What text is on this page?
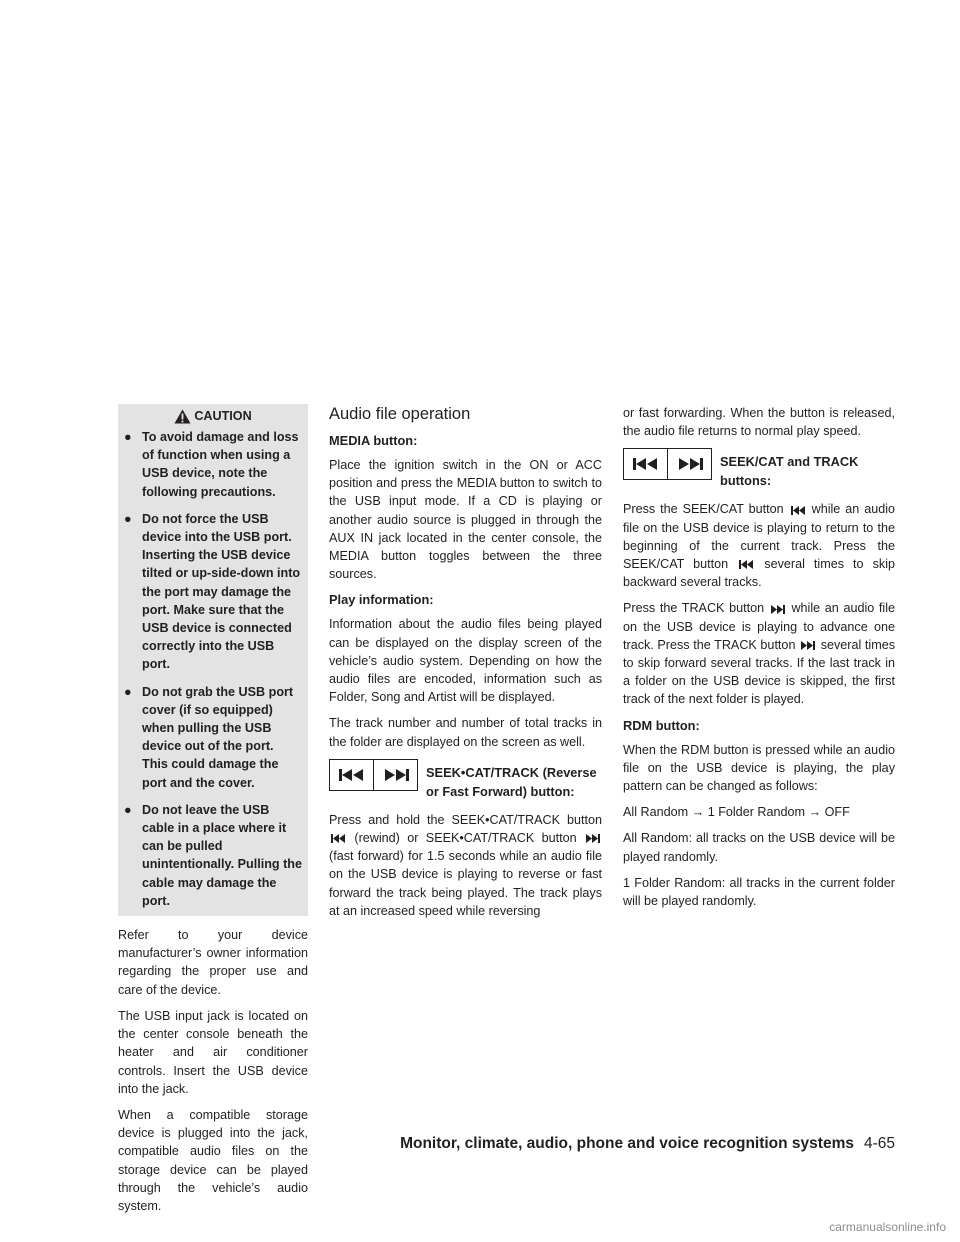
CAUTION
● To avoid damage and loss of function when using a USB device, note the following precautions.
● Do not force the USB device into the USB port. Inserting the USB device tilted or up-side-down into the port may damage the port. Make sure that the USB device is connected correctly into the USB port.
● Do not grab the USB port cover (if so equipped) when pulling the USB device out of the port. This could damage the port and the cover.
● Do not leave the USB cable in a place where it can be pulled unintentionally. Pulling the cable may damage the port.

Refer to your device manufacturer’s owner information regarding the proper use and care of the device.

The USB input jack is located on the center console beneath the heater and air conditioner controls. Insert the USB device into the jack.

When a compatible storage device is plugged into the jack, compatible audio files on the storage device can be played through the vehicle’s audio system.

Audio file operation
MEDIA button:

Place the ignition switch in the ON or ACC position and press the MEDIA button to switch to the USB input mode. If a CD is playing or another audio source is plugged in through the AUX IN jack located in the center console, the MEDIA button toggles between the three sources.

Play information:

Information about the audio files being played can be displayed on the display screen of the vehicle’s audio system. Depending on how the audio files are encoded, information such as Folder, Song and Artist will be displayed.

The track number and number of total tracks in the folder are displayed on the screen as well.

SEEK•CAT/TRACK (Reverse or Fast Forward) button:

Press and hold the SEEK•CAT/TRACK button  (rewind) or SEEK•CAT/TRACK button  (fast forward) for 1.5 seconds while an audio file on the USB device is playing to reverse or fast forward the track being played. The track plays at an increased speed while reversing

or fast forwarding. When the button is released, the audio file returns to normal play speed.

SEEK/CAT and TRACK buttons:

Press the SEEK/CAT button while an audio file on the USB device is playing to return to the beginning of the current track. Press the SEEK/CAT button	several times to skip backward several tracks.

Press the TRACK button while an audio file on the USB device is playing to advance one track. Press the TRACK button several times to skip forward several tracks. If the last track in a folder on the USB device is skipped, the first track of the next folder is played.

RDM button:

When the RDM button is pressed while an audio file on the USB device is playing, the play pattern can be changed as follows:

All Random → 1 Folder Random → OFF

All Random: all tracks on the USB device will be played randomly.

1 Folder Random: all tracks in the current folder will be played randomly.

Monitor, climate, audio, phone and voice recognition systems 4-65
carmanualsonline.info
